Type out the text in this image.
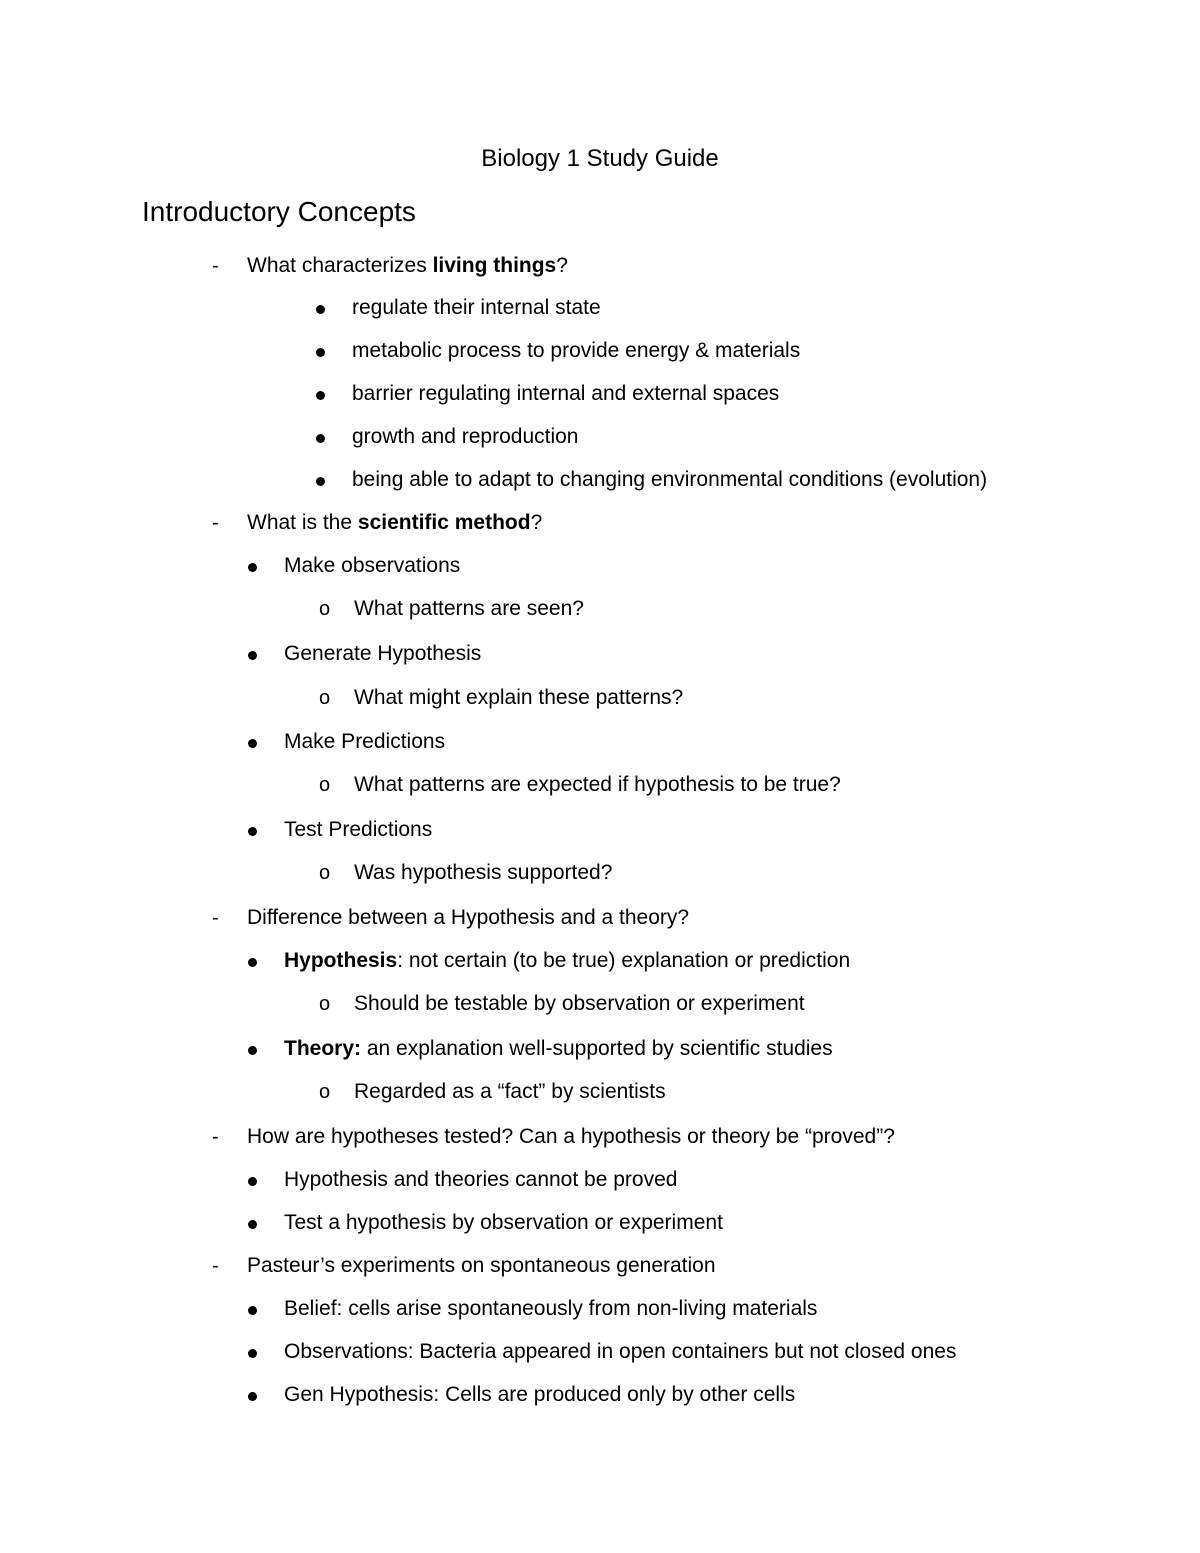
Biology 1 Study Guide
Introductory Concepts
- What characterizes living things?
regulate their internal state
metabolic process to provide energy & materials
barrier regulating internal and external spaces
growth and reproduction
being able to adapt to changing environmental conditions (evolution)
- What is the scientific method?
Make observations
o What patterns are seen?
Generate Hypothesis
o What might explain these patterns?
Make Predictions
o What patterns are expected if hypothesis to be true?
Test Predictions
o Was hypothesis supported?
- Difference between a Hypothesis and a theory?
Hypothesis: not certain (to be true) explanation or prediction
o Should be testable by observation or experiment
Theory: an explanation well-supported by scientific studies
o Regarded as a “fact” by scientists
- How are hypotheses tested? Can a hypothesis or theory be “proved”?
Hypothesis and theories cannot be proved
Test a hypothesis by observation or experiment
- Pasteur’s experiments on spontaneous generation
Belief: cells arise spontaneously from non-living materials
Observations: Bacteria appeared in open containers but not closed ones
Gen Hypothesis: Cells are produced only by other cells
